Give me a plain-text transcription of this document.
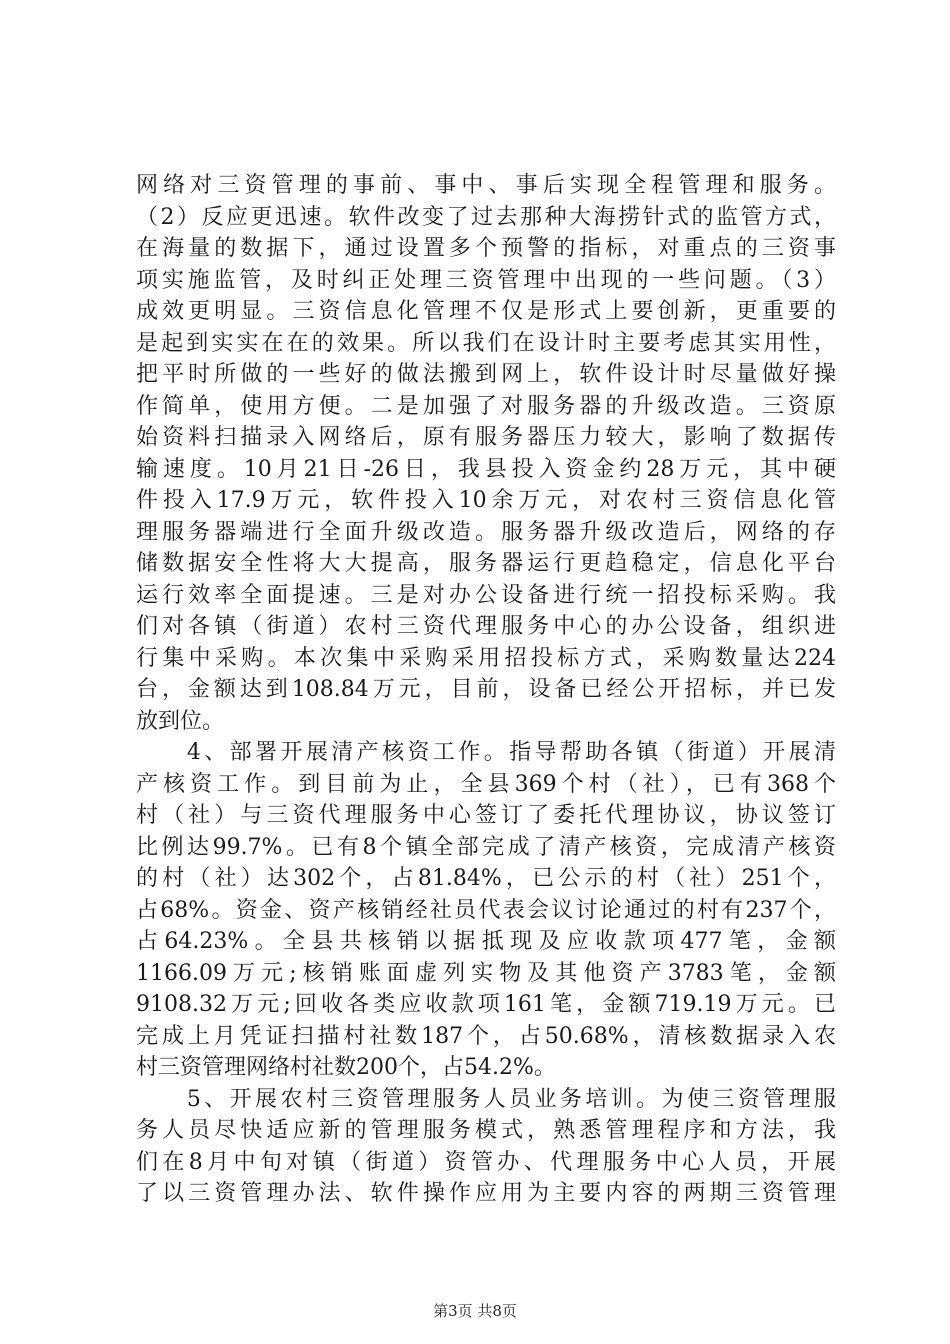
网络对三资管理的事前、事中、事后实现全程管理和服务。
（2）反应更迅速。软件改变了过去那种大海捞针式的监管方式，
在海量的数据下，通过设置多个预警的指标，对重点的三资事
项实施监管，及时纠正处理三资管理中出现的一些问题。（3）
成效更明显。三资信息化管理不仅是形式上要创新，更重要的
是起到实实在在的效果。所以我们在设计时主要考虑其实用性，
把平时所做的一些好的做法搬到网上，软件设计时尽量做好操
作简单，使用方便。二是加强了对服务器的升级改造。三资原
始资料扫描录入网络后，原有服务器压力较大，影响了数据传
输速度。10月21日-26日，我县投入资金约28万元，其中硬
件投入17.9万元，软件投入10余万元，对农村三资信息化管
理服务器端进行全面升级改造。服务器升级改造后，网络的存
储数据安全性将大大提高，服务器运行更趋稳定，信息化平台
运行效率全面提速。三是对办公设备进行统一招投标采购。我
们对各镇（街道）农村三资代理服务中心的办公设备，组织进
行集中采购。本次集中采购采用招投标方式，采购数量达224
台，金额达到108.84万元，目前，设备已经公开招标，并已发
放到位。
　　4、部署开展清产核资工作。指导帮助各镇（街道）开展清
产核资工作。到目前为止，全县369个村（社），已有368个
村（社）与三资代理服务中心签订了委托代理协议，协议签订
比例达99.7%。已有8个镇全部完成了清产核资，完成清产核资
的村（社）达302个，占81.84%，已公示的村（社）251个，
占68%。资金、资产核销经社员代表会议讨论通过的村有237个，
占64.23%。全县共核销以据抵现及应收款项477笔，金额
1166.09万元;核销账面虚列实物及其他资产3783笔，金额
9108.32万元;回收各类应收款项161笔，金额719.19万元。已
完成上月凭证扫描村社数187个，占50.68%，清核数据录入农
村三资管理网络村社数200个，占54.2%。
　　5、开展农村三资管理服务人员业务培训。为使三资管理服
务人员尽快适应新的管理服务模式，熟悉管理程序和方法，我
们在8月中旬对镇（街道）资管办、代理服务中心人员，开展
了以三资管理办法、软件操作应用为主要内容的两期三资管理
第3页 共8页
